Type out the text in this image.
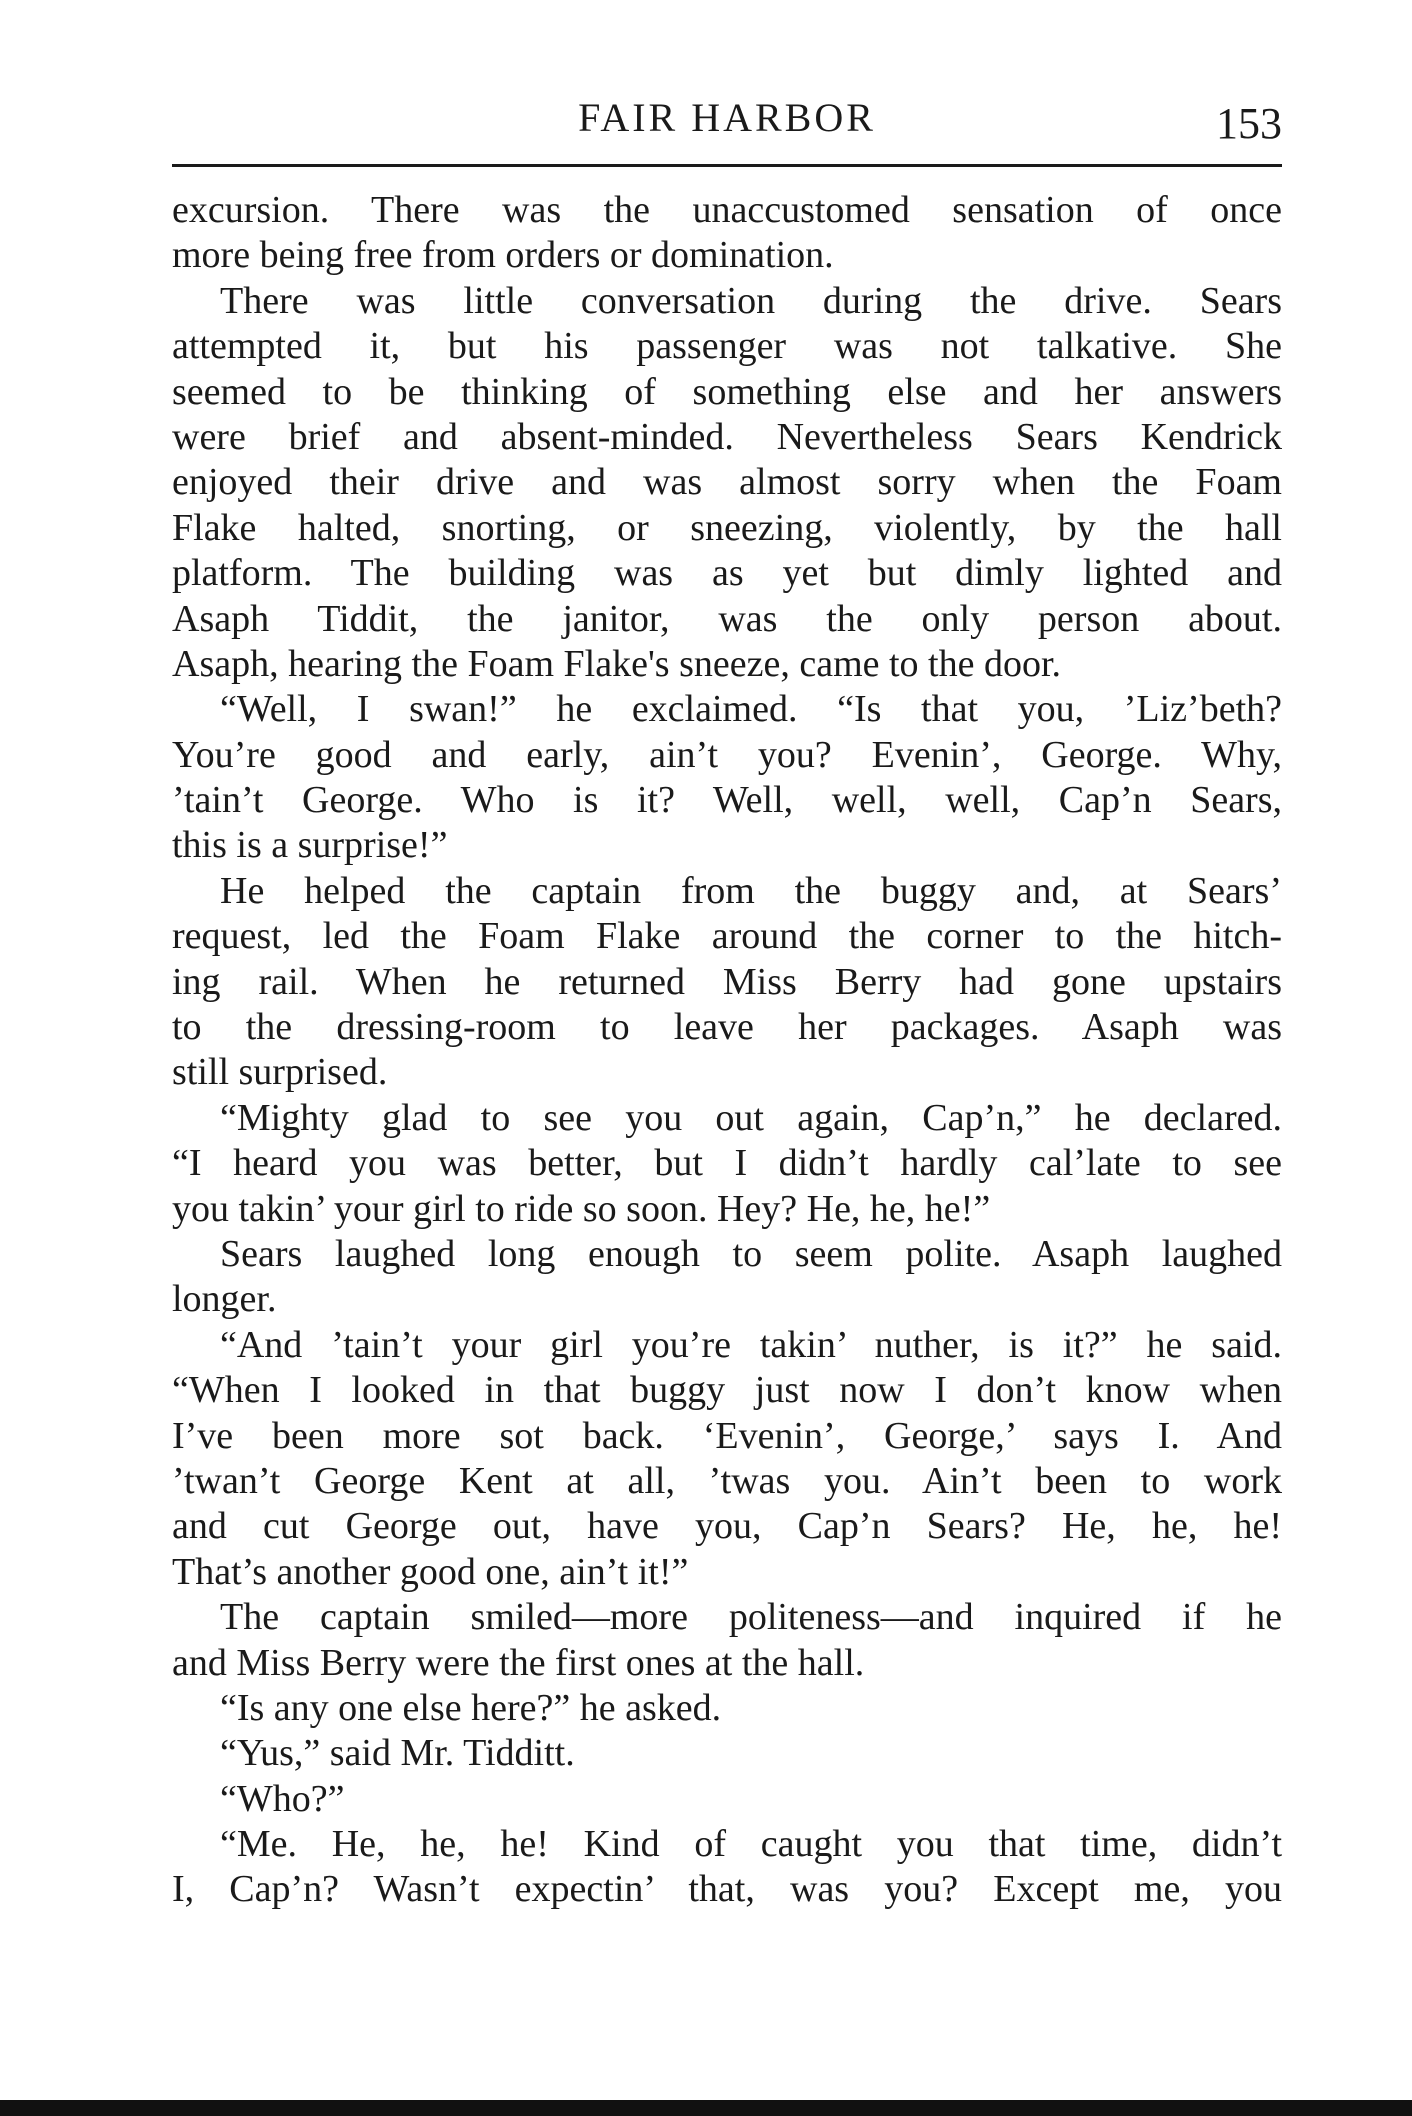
FAIR HARBOR	153
excursion. There was the unaccustomed sensation of once
more being free from orders or domination.
There was little conversation during the drive. Sears
attempted it, but his passenger was not talkative. She
seemed to be thinking of something else and her answers
were brief and absent-minded. Nevertheless Sears Kendrick
enjoyed their drive and was almost sorry when the Foam
Flake halted, snorting, or sneezing, violently, by the hall
platform. The building was as yet but dimly lighted and
Asaph Tiddit, the janitor, was the only person about.
Asaph, hearing the Foam Flake's sneeze, came to the door.
“Well, I swan!” he exclaimed. “Is that you, ’Liz’beth?
You’re good and early, ain’t you? Evenin’, George. Why,
’tain’t George. Who is it? Well, well, well, Cap’n Sears,
this is a surprise!”
He helped the captain from the buggy and, at Sears’
request, led the Foam Flake around the corner to the hitch-
ing rail. When he returned Miss Berry had gone upstairs
to the dressing-room to leave her packages. Asaph was
still surprised.
“Mighty glad to see you out again, Cap’n,” he declared.
“I heard you was better, but I didn’t hardly cal’late to see
you takin’ your girl to ride so soon. Hey? He, he, he!”
Sears laughed long enough to seem polite. Asaph laughed
longer.
“And ’tain’t your girl you’re takin’ nuther, is it?” he said.
“When I looked in that buggy just now I don’t know when
I’ve been more sot back. ‘Evenin’, George,’ says I. And
’twan’t George Kent at all, ’twas you. Ain’t been to work
and cut George out, have you, Cap’n Sears? He, he, he!
That’s another good one, ain’t it!”
The captain smiled—more politeness—and inquired if he
and Miss Berry were the first ones at the hall.
“Is any one else here?” he asked.
“Yus,” said Mr. Tidditt.
“Who?”
“Me. He, he, he! Kind of caught you that time, didn’t
I, Cap’n? Wasn’t expectin’ that, was you? Except me, you
